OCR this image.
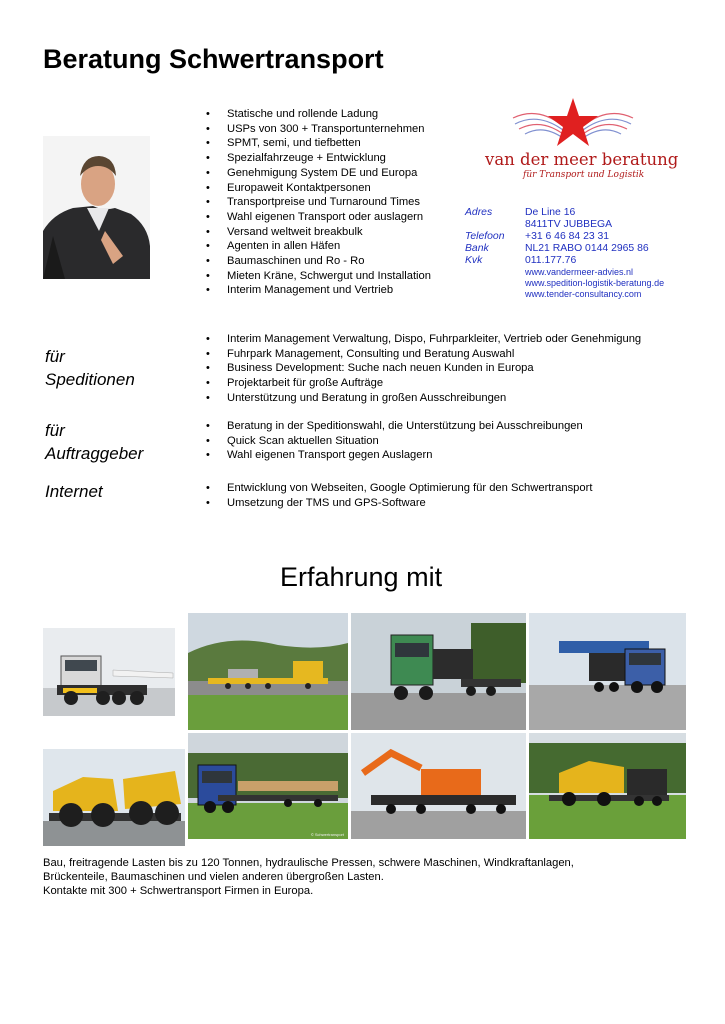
Beratung Schwertransport
• Statische und rollende Ladung
• USPs von 300 + Transportunternehmen
• SPMT, semi, und tiefbetten
• Spezialfahrzeuge + Entwicklung
• Genehmigung System DE und Europa
• Europaweit Kontaktpersonen
• Transportpreise und Turnaround Times
• Wahl eigenen Transport oder auslagern
• Versand weltweit breakbulk
• Agenten in allen Häfen
• Baumaschinen und Ro - Ro
• Mieten Kräne, Schwergut und Installation
• Interim Management und Vertrieb
van der meer beratung
für Transport und Logistik
Adres	De Line 16
8411TV JUBBEGA
Telefoon +31 6 46 84 23 31
Bank	NL21 RABO 0144 2965 86
Kvk	011.177.76
www.vandermeer-advies.nl
www.spedition-logistik-beratung.de
www.tender-consultancy.com
für
Speditionen
• Interim Management Verwaltung, Dispo, Fuhrparkleiter, Vertrieb oder Genehmigung
• Fuhrpark Management, Consulting und Beratung Auswahl
• Business Development: Suche nach neuen Kunden in Europa
• Projektarbeit für große Aufträge
• Unterstützung und Beratung in großen Ausschreibungen
für
Auftraggeber
• Beratung in der Speditionswahl, die Unterstützung bei Ausschreibungen
• Quick Scan aktuellen Situation
• Wahl eigenen Transport gegen Auslagern
Internet
•	Entwicklung von Webseiten, Google Optimierung für den Schwertransport
• Umsetzung der TMS und GPS-Software
Erfahrung mit
© Schwertransport
Bau, freitragende Lasten bis zu 120 Tonnen, hydraulische Pressen, schwere Maschinen, Windkraftanlagen,
Brückenteile, Baumaschinen und vielen anderen übergroßen Lasten.
Kontakte mit 300 + Schwertransport Firmen in Europa.
